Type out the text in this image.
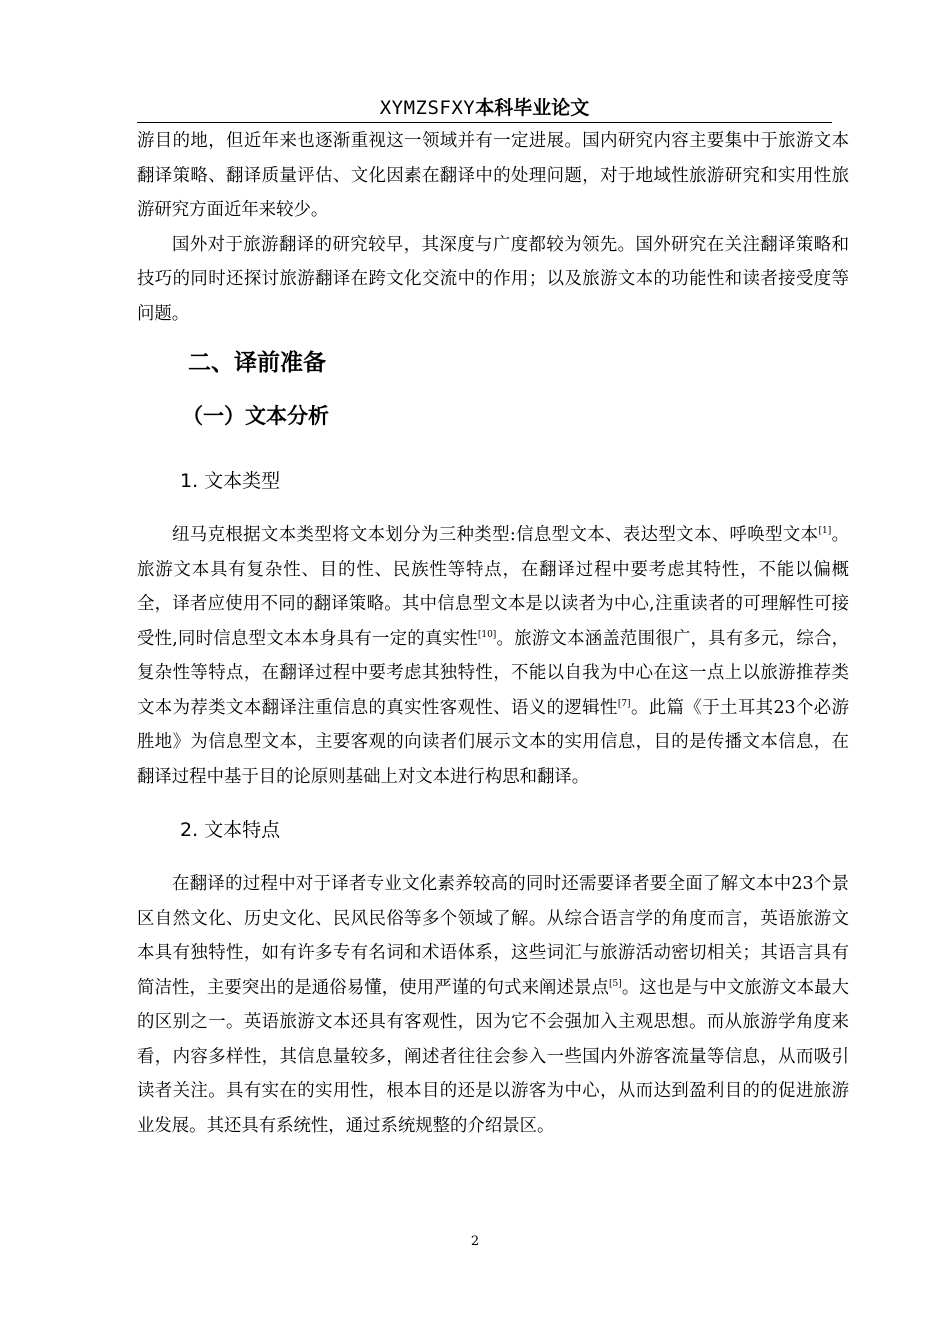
XYMZSFXY本科毕业论文

游目的地，但近年来也逐渐重视这一领域并有一定进展。国内研究内容主要集中于旅游文本翻译策略、翻译质量评估、文化因素在翻译中的处理问题，对于地域性旅游研究和实用性旅游研究方面近年来较少。

国外对于旅游翻译的研究较早，其深度与广度都较为领先。国外研究在关注翻译策略和技巧的同时还探讨旅游翻译在跨文化交流中的作用；以及旅游文本的功能性和读者接受度等问题。

二、译前准备
（一）文本分析
1. 文本类型

纽马克根据文本类型将文本划分为三种类型:信息型文本、表达型文本、呼唤型文本[1]。旅游文本具有复杂性、目的性、民族性等特点，在翻译过程中要考虑其特性，不能以偏概全，译者应使用不同的翻译策略。其中信息型文本是以读者为中心,注重读者的可理解性可接受性,同时信息型文本本身具有一定的真实性[10]。旅游文本涵盖范围很广，具有多元，综合，复杂性等特点，在翻译过程中要考虑其独特性，不能以自我为中心在这一点上以旅游推荐类文本为荐类文本翻译注重信息的真实性客观性、语义的逻辑性[7]。此篇《于土耳其23个必游胜地》为信息型文本，主要客观的向读者们展示文本的实用信息，目的是传播文本信息，在翻译过程中基于目的论原则基础上对文本进行构思和翻译。

2. 文本特点

在翻译的过程中对于译者专业文化素养较高的同时还需要译者要全面了解文本中23个景区自然文化、历史文化、民风民俗等多个领域了解。从综合语言学的角度而言，英语旅游文本具有独特性，如有许多专有名词和术语体系，这些词汇与旅游活动密切相关；其语言具有简洁性，主要突出的是通俗易懂，使用严谨的句式来阐述景点[5]。这也是与中文旅游文本最大的区别之一。英语旅游文本还具有客观性，因为它不会强加入主观思想。而从旅游学角度来看，内容多样性，其信息量较多，阐述者往往会参入一些国内外游客流量等信息，从而吸引读者关注。具有实在的实用性，根本目的还是以游客为中心，从而达到盈利目的的促进旅游业发展。其还具有系统性，通过系统规整的介绍景区。

2
